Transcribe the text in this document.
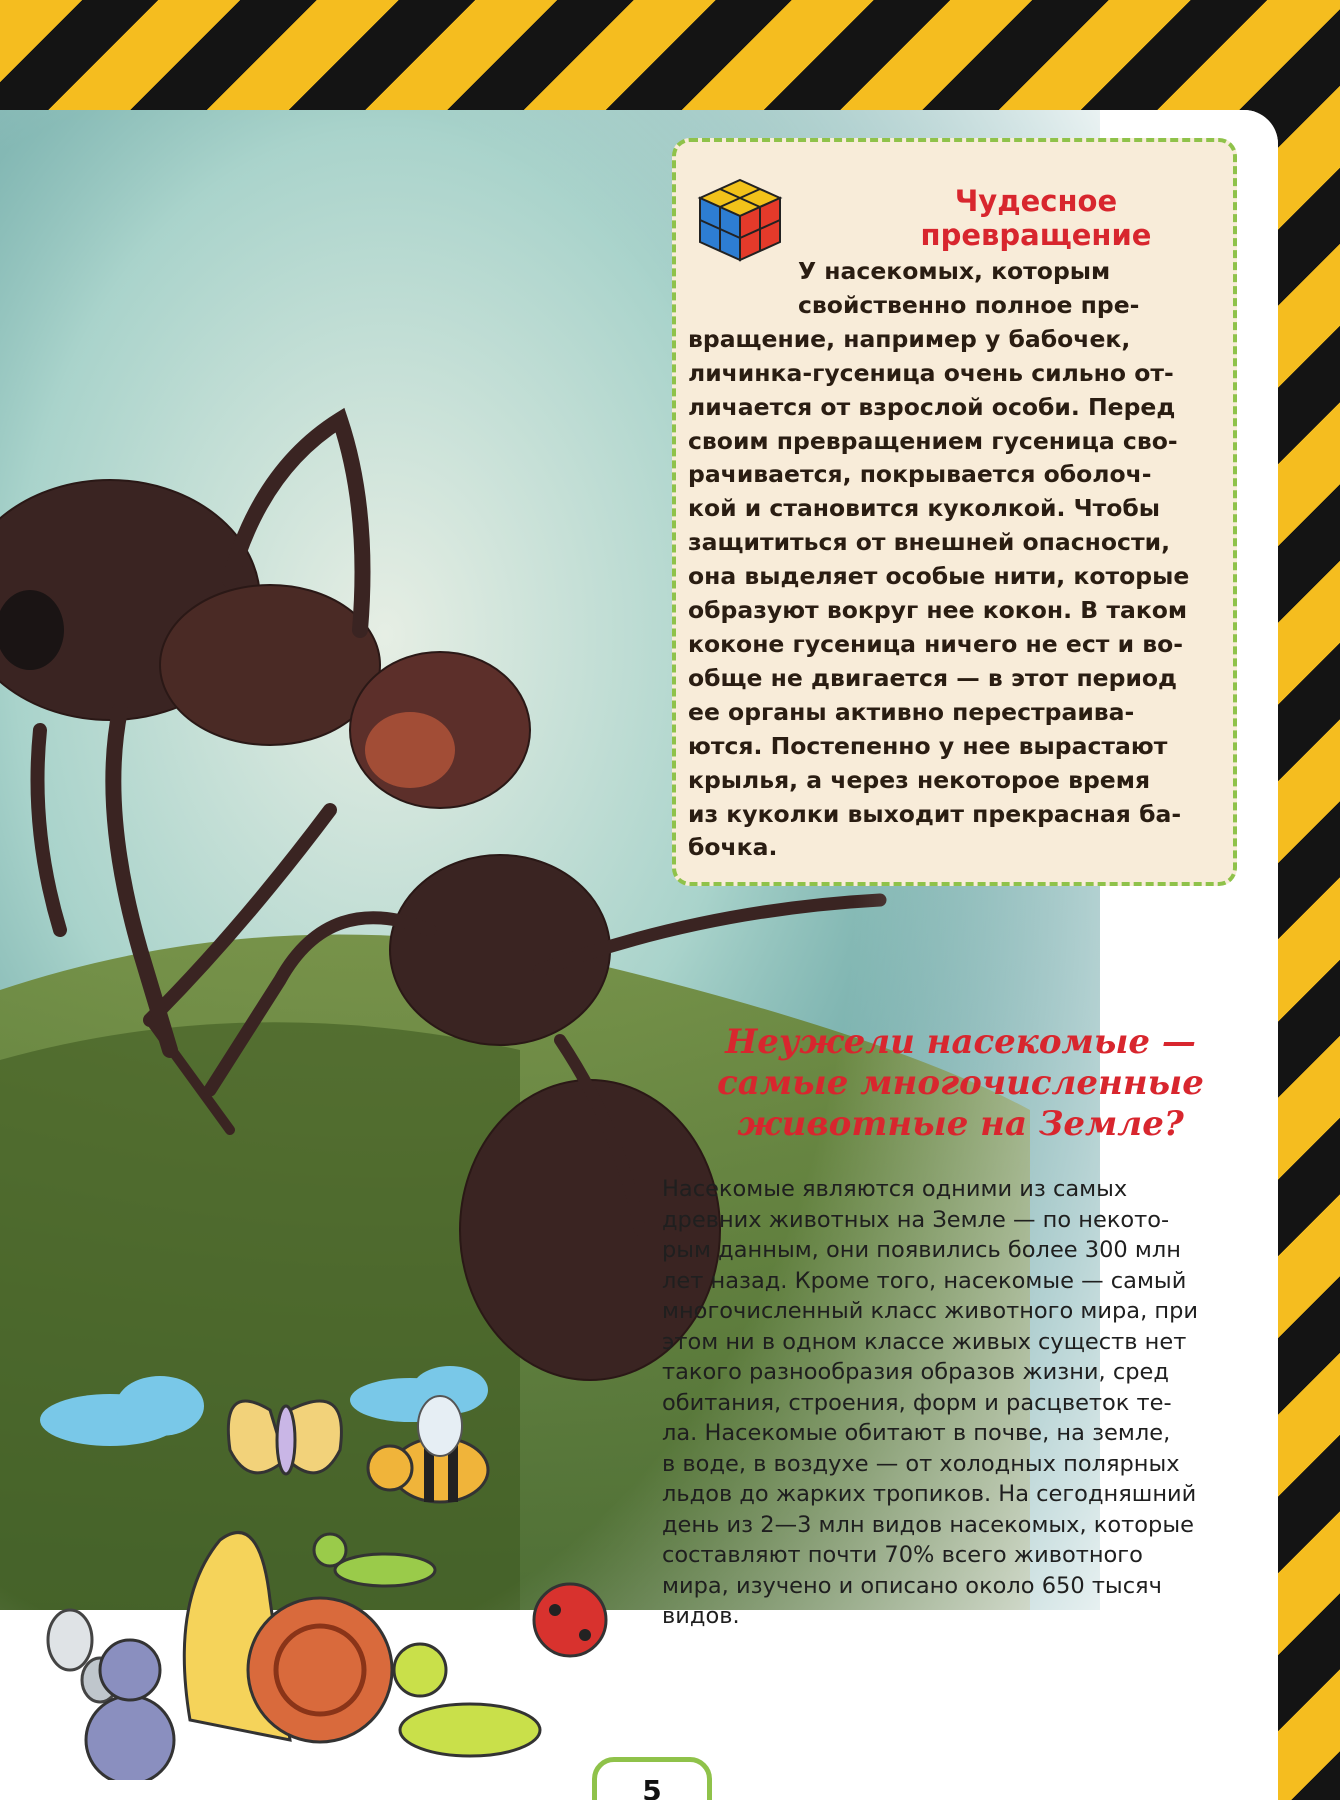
Чудесное превращение

У насекомых, которым
свойственно полное пре-
вращение, например у бабочек,
личинка-гусеница очень сильно от-
личается от взрослой особи. Перед
своим превращением гусеница сво-
рачивается, покрывается оболоч-
кой и становится куколкой. Чтобы
защититься от внешней опасности,
она выделяет особые нити, которые
образуют вокруг нее кокон. В таком
коконе гусеница ничего не ест и во-
обще не двигается — в этот период
ее органы активно перестраива-
ются. Постепенно у нее вырастают
крылья, а через некоторое время
из куколки выходит прекрасная ба-
бочка.

Неужели насекомые —
самые многочисленные
животные на Земле?

Насекомые являются одними из самых
древних животных на Земле — по некото-
рым данным, они появились более 300 млн
лет назад. Кроме того, насекомые — самый
многочисленный класс животного мира, при
этом ни в одном классе живых существ нет
такого разнообразия образов жизни, сред
обитания, строения, форм и расцветок те-
ла. Насекомые обитают в почве, на земле,
в воде, в воздухе — от холодных полярных
льдов до жарких тропиков. На сегодняшний
день из 2—3 млн видов насекомых, которые
составляют почти 70% всего животного
мира, изучено и описано около 650 тысяч
видов.

5
